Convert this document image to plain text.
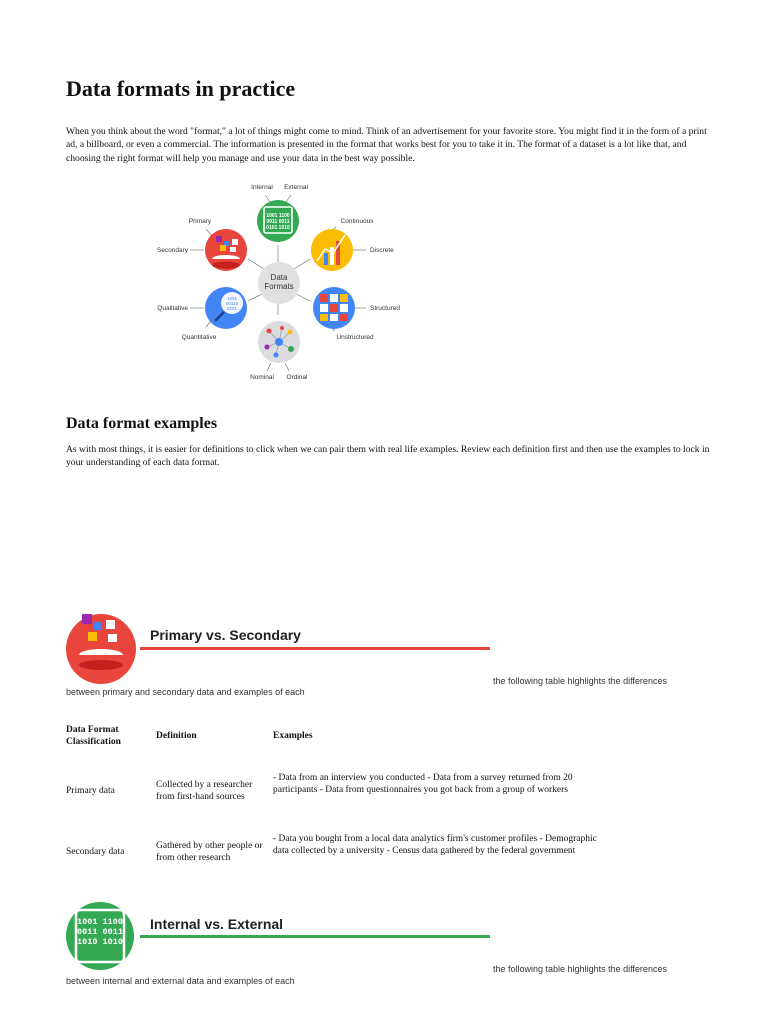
Data formats in practice

When you think about the word "format," a lot of things might come to mind. Think of an advertisement for your favorite store. You might find it in the form of a print ad, a billboard, or even a commercial. The information is presented in the format that works best for you to take it in. The format of a dataset is a lot like that, and choosing the right format will help you manage and use your data in the best way possible.

Data
Formats
1001 1100
0011 0011
0101 1010
1001
00110
0101
Internal External
Primary
Secondary
Continuous
Discrete
Qualitative
Quantitative
Structured
Unstructured
Nominal Ordinal
Data format examples

As with most things, it is easier for definitions to click when we can pair them with real life examples. Review each definition first and then use the examples to lock in your understanding of each data format.

Primary vs. Secondary
the following table highlights the differences
between primary and secondary data and examples of each
Data Format Classification
Definition	Examples
Primary data
Collected by a researcher from first-hand sources
- Data from an interview you conducted - Data from a survey returned from 20 participants - Data from questionnaires you got back from a group of workers
Secondary data
Gathered by other people or from other research
- Data you bought from a local data analytics firm's customer profiles - Demographic data collected by a university - Census data gathered by the federal government
1001 1100
0011 0011
1010 1010
Internal vs. External
the following table highlights the differences
between internal and external data and examples of each
